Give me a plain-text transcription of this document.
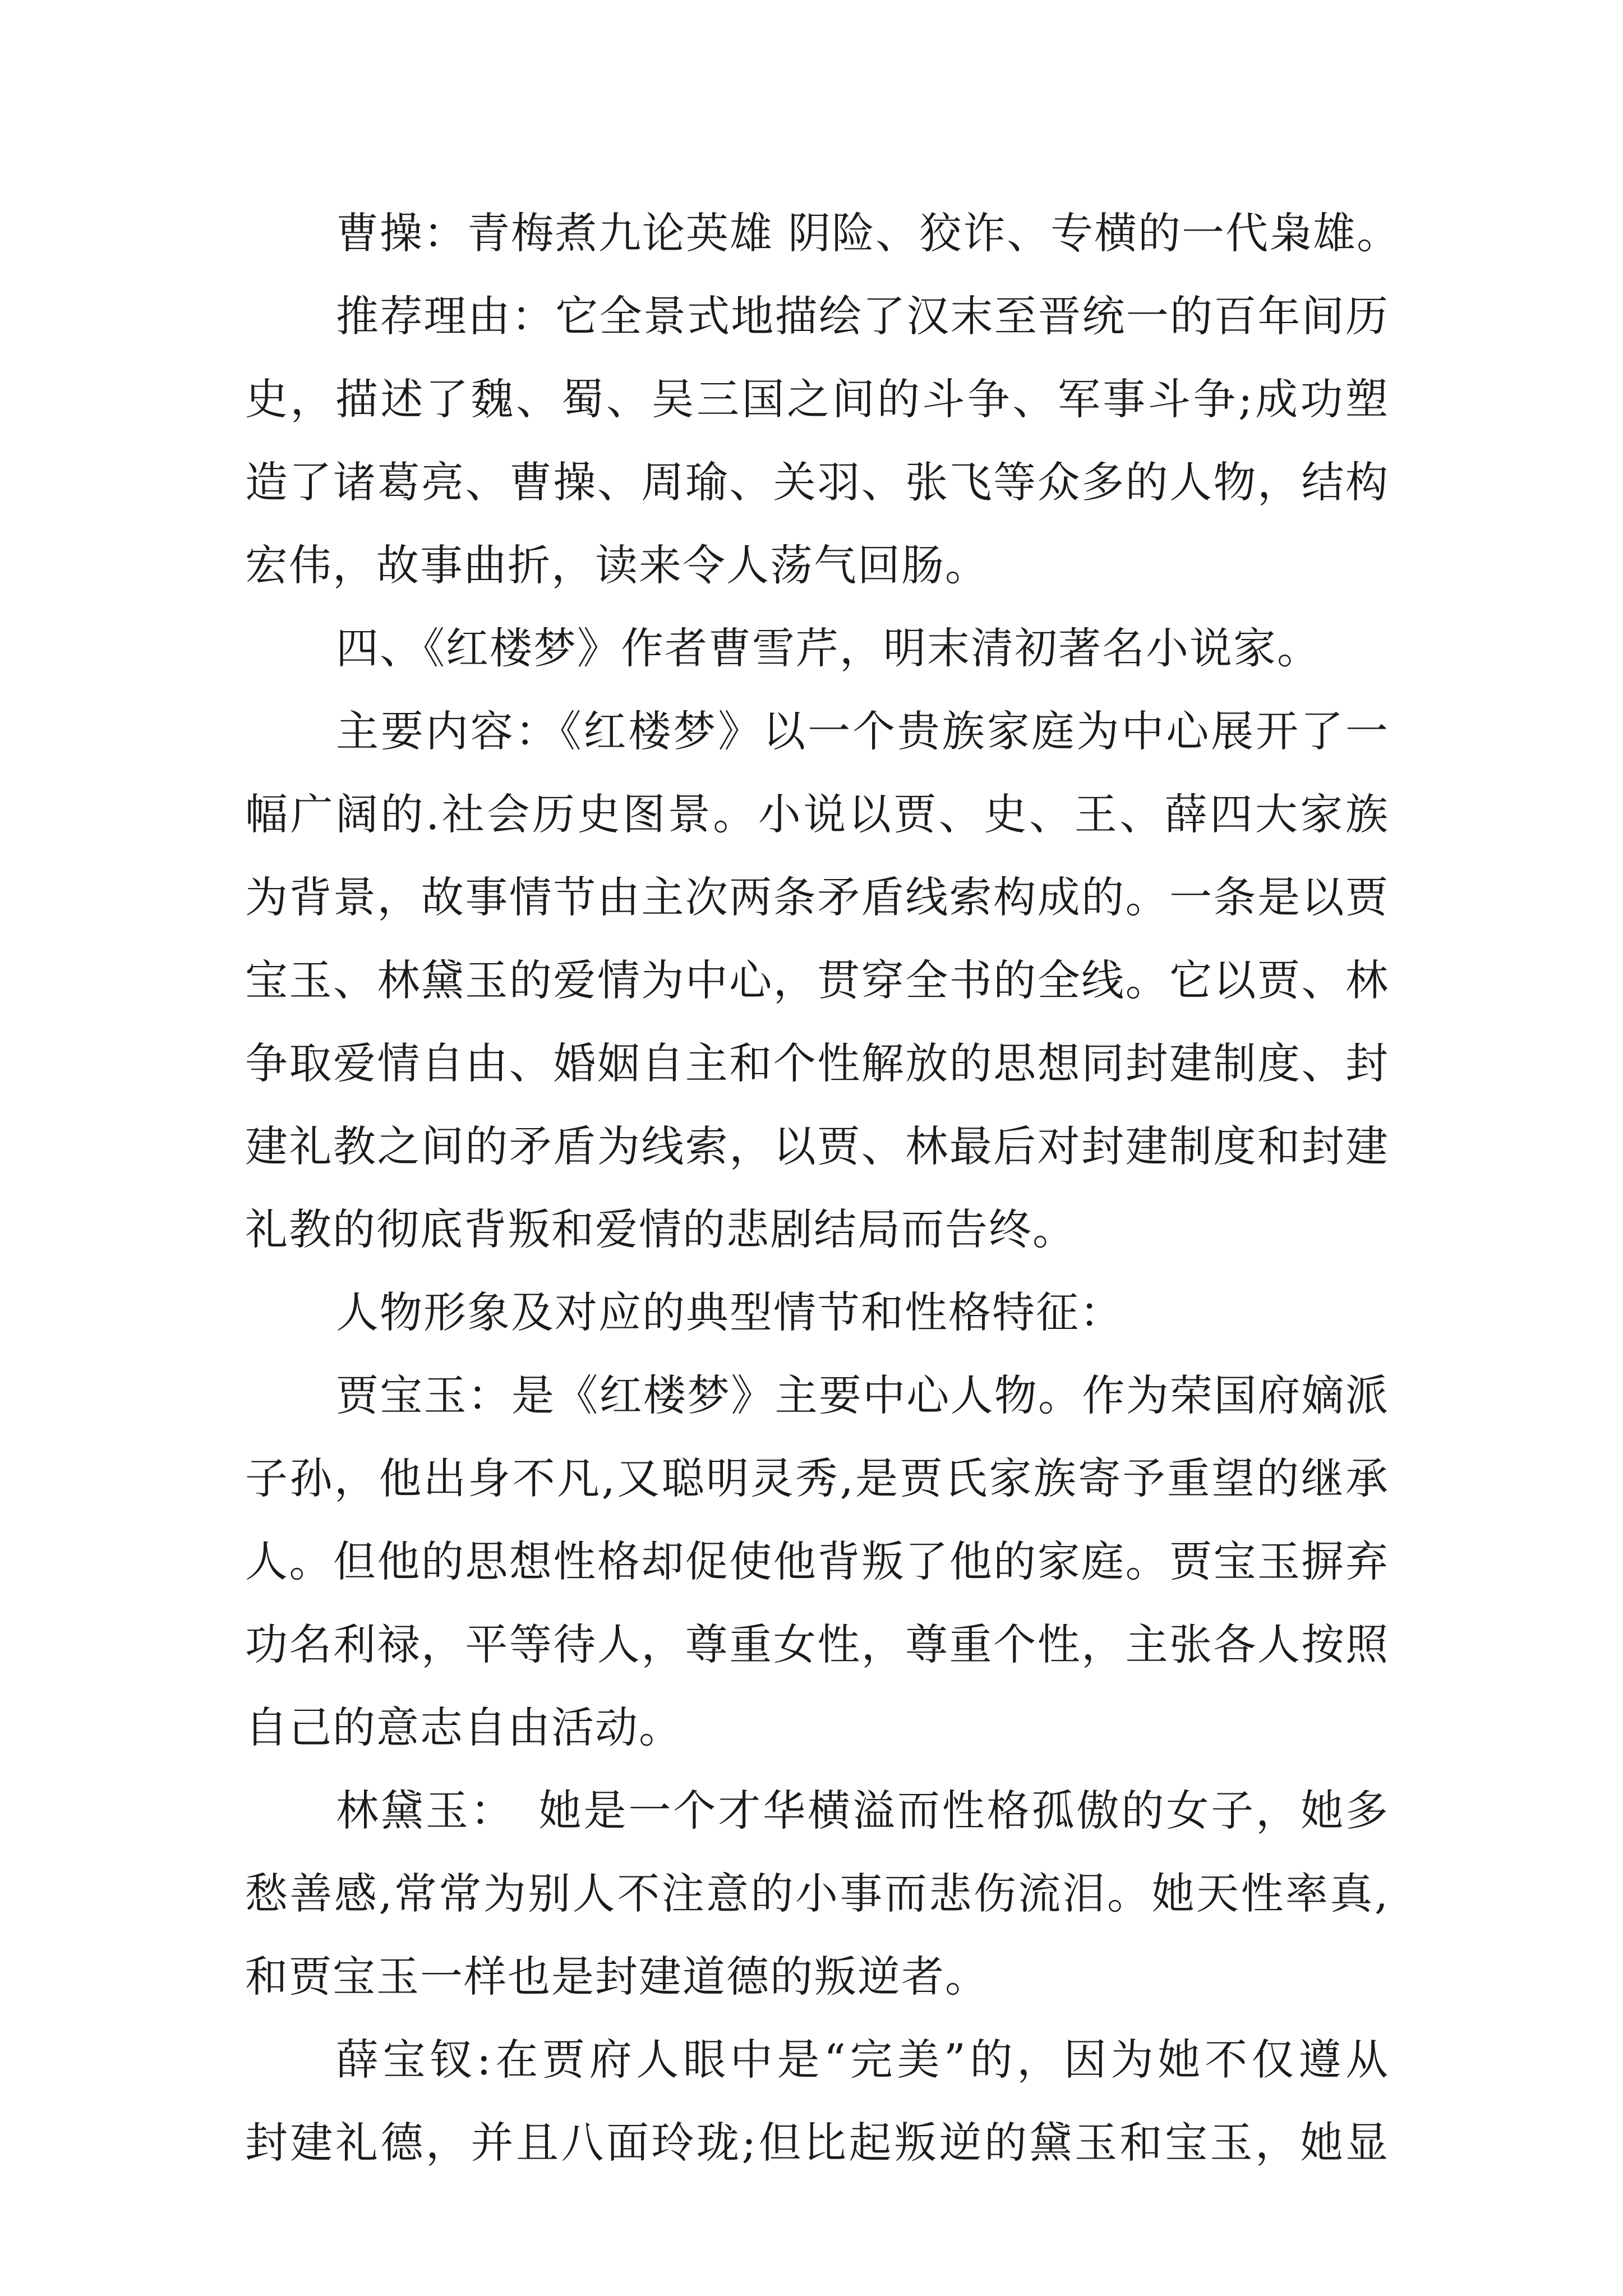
曹操：青梅煮九论英雄 阴险、狡诈、专横的一代枭雄。
推荐理由：它全景式地描绘了汉末至晋统一的百年间历
史，描述了魏、蜀、吴三国之间的斗争、军事斗争;成功塑
造了诸葛亮、曹操、周瑜、关羽、张飞等众多的人物，结构
宏伟，故事曲折，读来令人荡气回肠。
四、《红楼梦》作者曹雪芹，明末清初著名小说家。
主要内容：《红楼梦》以一个贵族家庭为中心展开了一
幅广阔的.社会历史图景。小说以贾、史、王、薛四大家族
为背景，故事情节由主次两条矛盾线索构成的。一条是以贾
宝玉、林黛玉的爱情为中心，贯穿全书的全线。它以贾、林
争取爱情自由、婚姻自主和个性解放的思想同封建制度、封
建礼教之间的矛盾为线索，以贾、林最后对封建制度和封建
礼教的彻底背叛和爱情的悲剧结局而告终。
人物形象及对应的典型情节和性格特征：
贾宝玉：是《红楼梦》主要中心人物。作为荣国府嫡派
子孙，他出身不凡,又聪明灵秀,是贾氏家族寄予重望的继承
人。但他的思想性格却促使他背叛了他的家庭。贾宝玉摒弃
功名利禄，平等待人，尊重女性，尊重个性，主张各人按照
自己的意志自由活动。
林黛玉：　她是一个才华横溢而性格孤傲的女子，她多
愁善感,常常为别人不注意的小事而悲伤流泪。她天性率真,
和贾宝玉一样也是封建道德的叛逆者。
薛宝钗:在贾府人眼中是“完美”的，因为她不仅遵从
封建礼德，并且八面玲珑;但比起叛逆的黛玉和宝玉，她显
